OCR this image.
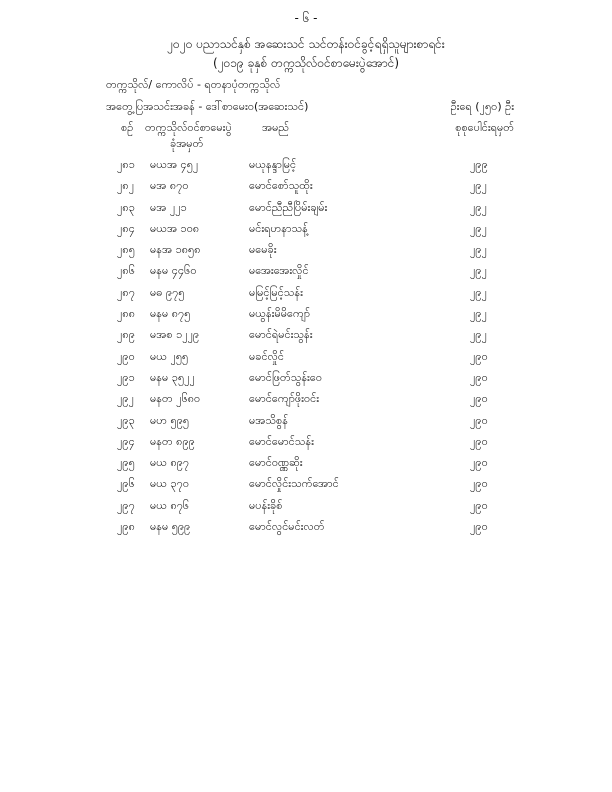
- ၆ -
၂၀၂၀ ပညာသင်နှစ် အဆေးသင် သင်တန်းဝင်ခွင့်ရရှိသူများစာရင်း
(၂၀၁၉ ခုနှစ် တက္ကသိုလ်ဝင်စာမေးပွဲအောင်)
တက္ကသိုလ်/ ကောလိပ် - ရတနာပုံတက္ကသိုလ်
အတွေ့ပြအသင်းအခန် - ဒေါ်စာမေးဝ(အဆေးသင်)	ဦးရေ (၂၅၀) ဦး
စဉ် တက္ကသိုလ်ဝင်စာမေးပွဲ
ခုံအမှတ်
အမည်	စုစုပေါင်းရမှတ်
၂၈၁ မယအ ၄၅၂	မယုနန္ဒာမြင့်	၂၉၉
၂၈၂ မအ ၈၇၀	မောင်စော်သူထိုး	၂၉၂
၂၈၃ မအ ၂၂၁	မောင်ညီညီပြိမ်းချမ်း	၂၉၂
၂၈၄ မယအ ၁၀၈	မင်းရဟနာသန့်	၂၉၂
၂၈၅ မနအ ၁၈၅၈	မမေခိုး	၂၉၂
၂၈၆ မနမ ၄၄၆၀	မအေးအေးလှိုင်	၂၉၂
၂၈၇ မဓ ၉၇၅	မမြင့်မြင့်သန်း	၂၉၂
၂၈၈ မနမ ၈၇၅	မယွန်းမိမိကျော်	၂၉၂
၂၈၉ မအစ ၁၂၂၉	မောင်ရဲမင်းသွန်း	၂၉၂
၂၉၀ မယ ၂၅၅	မခင်လှိုင်	၂၉၀
၂၉၁ မနမ ၃၅၂၂	မောင်ဖြတ်သွန်းဝေ	၂၉၀
၂၉၂ မနတ ၂၆၈၀	မောင်ကျော်ဖိုးဝင်း	၂၉၀
၂၉၃ မဟ ၅၉၅	မအသိစွန်	၂၉၀
၂၉၄ မနတ ၈၉၉	မောင်မောင်သန်း	၂၉၀
၂၉၅ မယ ၈၉၇	မောင်ဝဏ္ဏဆိုး	၂၉၀
၂၉၆ မယ ၃၇၀	မောင်လှိုင်းသက်အောင်	၂၉၀
၂၉၇ မယ ၈၇၆	မပန်းခိုစ်	၂၉၀
၂၉၈ မနမ ၅၉၉	မောင်လွင်မင်းလတ်	၂၉၀
